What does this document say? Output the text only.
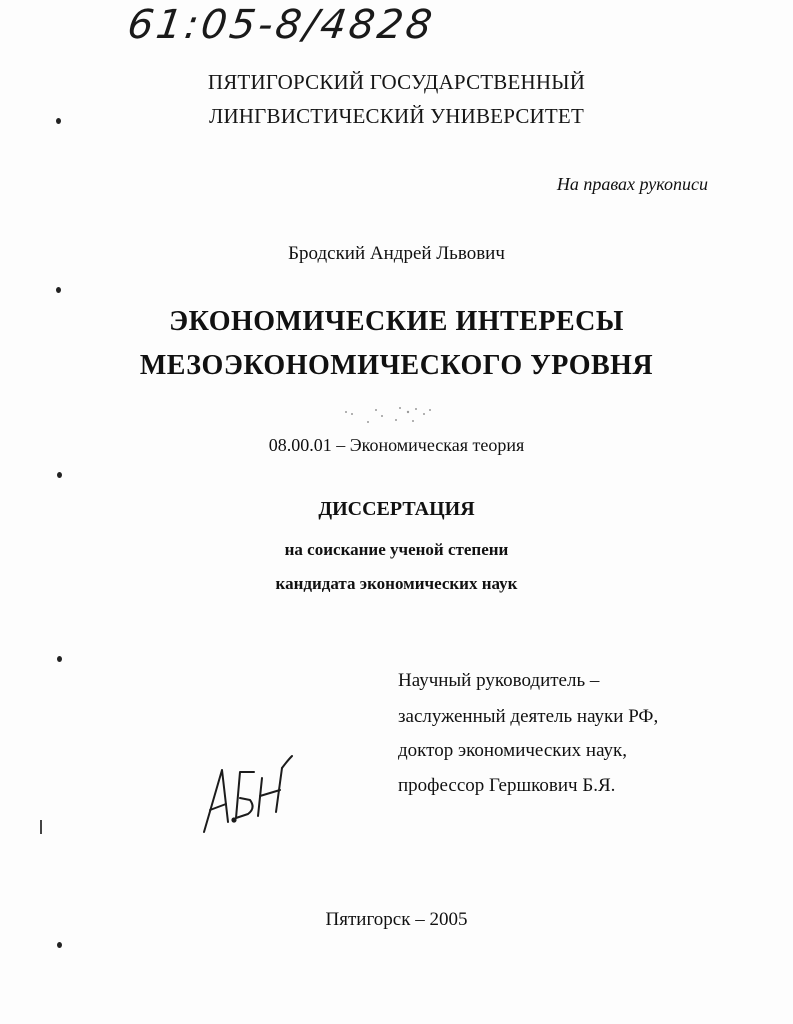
61:05-8/4828
ПЯТИГОРСКИЙ ГОСУДАРСТВЕННЫЙ
ЛИНГВИСТИЧЕСКИЙ УНИВЕРСИТЕТ
На правах рукописи
Бродский Андрей Львович
ЭКОНОМИЧЕСКИЕ ИНТЕРЕСЫ
МЕЗОЭКОНОМИЧЕСКОГО УРОВНЯ
08.00.01 – Экономическая теория
ДИССЕРТАЦИЯ
на соискание ученой степени
кандидата экономических наук
Научный руководитель –
заслуженный деятель науки РФ,
доктор экономических наук,
профессор Гершкович Б.Я.
Пятигорск – 2005
